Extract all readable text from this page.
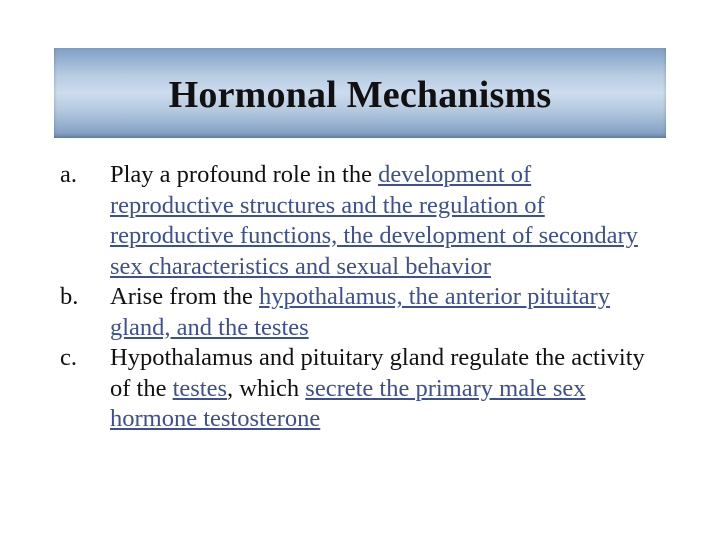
Hormonal Mechanisms
a.	Play a profound role in the development of reproductive structures and the regulation of reproductive functions, the development of secondary sex characteristics and sexual behavior
b.	Arise from the hypothalamus, the anterior pituitary gland, and the testes
c.	Hypothalamus and pituitary gland regulate the activity of the testes, which secrete the primary male sex hormone testosterone
